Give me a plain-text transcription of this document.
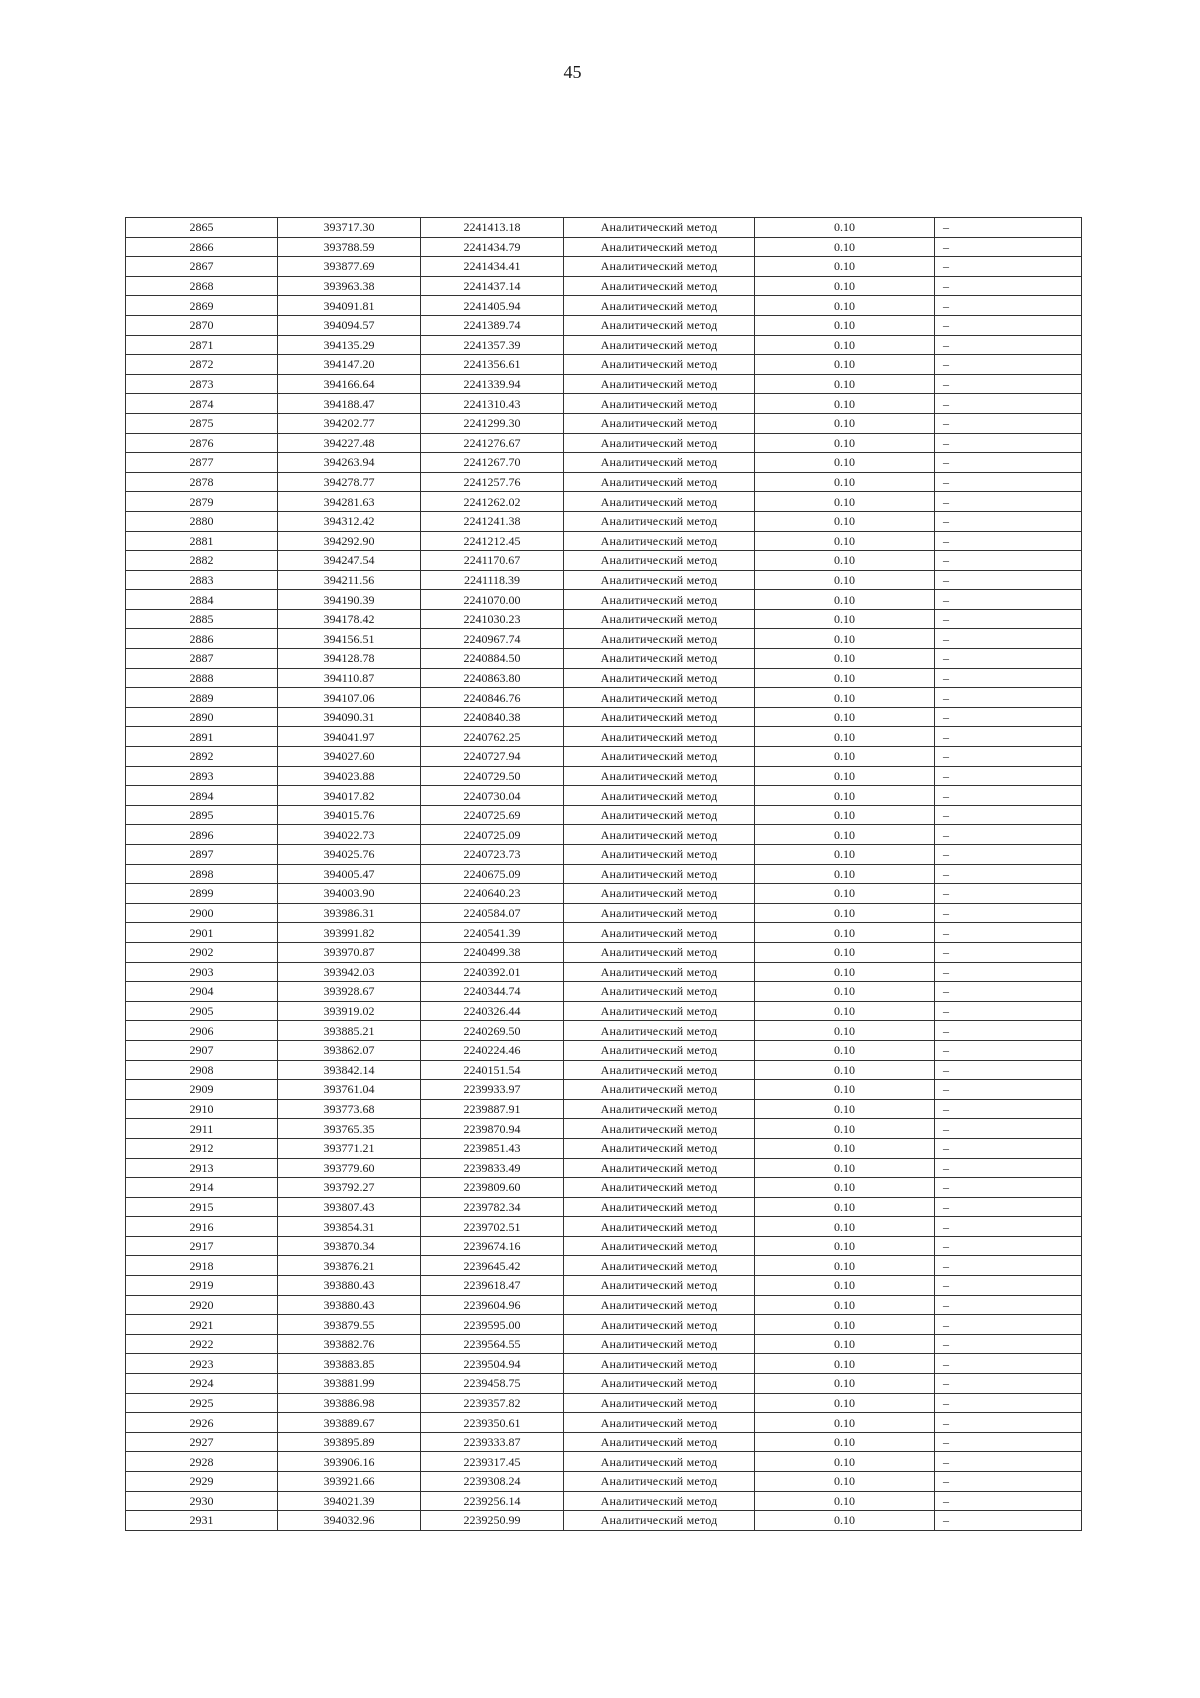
45
2865	393717.30	2241413.18	Аналитический метод	0.10	–
2866	393788.59	2241434.79	Аналитический метод	0.10	–
2867	393877.69	2241434.41	Аналитический метод	0.10	–
2868	393963.38	2241437.14	Аналитический метод	0.10	–
2869	394091.81	2241405.94	Аналитический метод	0.10	–
2870	394094.57	2241389.74	Аналитический метод	0.10	–
2871	394135.29	2241357.39	Аналитический метод	0.10	–
2872	394147.20	2241356.61	Аналитический метод	0.10	–
2873	394166.64	2241339.94	Аналитический метод	0.10	–
2874	394188.47	2241310.43	Аналитический метод	0.10	–
2875	394202.77	2241299.30	Аналитический метод	0.10	–
2876	394227.48	2241276.67	Аналитический метод	0.10	–
2877	394263.94	2241267.70	Аналитический метод	0.10	–
2878	394278.77	2241257.76	Аналитический метод	0.10	–
2879	394281.63	2241262.02	Аналитический метод	0.10	–
2880	394312.42	2241241.38	Аналитический метод	0.10	–
2881	394292.90	2241212.45	Аналитический метод	0.10	–
2882	394247.54	2241170.67	Аналитический метод	0.10	–
2883	394211.56	2241118.39	Аналитический метод	0.10	–
2884	394190.39	2241070.00	Аналитический метод	0.10	–
2885	394178.42	2241030.23	Аналитический метод	0.10	–
2886	394156.51	2240967.74	Аналитический метод	0.10	–
2887	394128.78	2240884.50	Аналитический метод	0.10	–
2888	394110.87	2240863.80	Аналитический метод	0.10	–
2889	394107.06	2240846.76	Аналитический метод	0.10	–
2890	394090.31	2240840.38	Аналитический метод	0.10	–
2891	394041.97	2240762.25	Аналитический метод	0.10	–
2892	394027.60	2240727.94	Аналитический метод	0.10	–
2893	394023.88	2240729.50	Аналитический метод	0.10	–
2894	394017.82	2240730.04	Аналитический метод	0.10	–
2895	394015.76	2240725.69	Аналитический метод	0.10	–
2896	394022.73	2240725.09	Аналитический метод	0.10	–
2897	394025.76	2240723.73	Аналитический метод	0.10	–
2898	394005.47	2240675.09	Аналитический метод	0.10	–
2899	394003.90	2240640.23	Аналитический метод	0.10	–
2900	393986.31	2240584.07	Аналитический метод	0.10	–
2901	393991.82	2240541.39	Аналитический метод	0.10	–
2902	393970.87	2240499.38	Аналитический метод	0.10	–
2903	393942.03	2240392.01	Аналитический метод	0.10	–
2904	393928.67	2240344.74	Аналитический метод	0.10	–
2905	393919.02	2240326.44	Аналитический метод	0.10	–
2906	393885.21	2240269.50	Аналитический метод	0.10	–
2907	393862.07	2240224.46	Аналитический метод	0.10	–
2908	393842.14	2240151.54	Аналитический метод	0.10	–
2909	393761.04	2239933.97	Аналитический метод	0.10	–
2910	393773.68	2239887.91	Аналитический метод	0.10	–
2911	393765.35	2239870.94	Аналитический метод	0.10	–
2912	393771.21	2239851.43	Аналитический метод	0.10	–
2913	393779.60	2239833.49	Аналитический метод	0.10	–
2914	393792.27	2239809.60	Аналитический метод	0.10	–
2915	393807.43	2239782.34	Аналитический метод	0.10	–
2916	393854.31	2239702.51	Аналитический метод	0.10	–
2917	393870.34	2239674.16	Аналитический метод	0.10	–
2918	393876.21	2239645.42	Аналитический метод	0.10	–
2919	393880.43	2239618.47	Аналитический метод	0.10	–
2920	393880.43	2239604.96	Аналитический метод	0.10	–
2921	393879.55	2239595.00	Аналитический метод	0.10	–
2922	393882.76	2239564.55	Аналитический метод	0.10	–
2923	393883.85	2239504.94	Аналитический метод	0.10	–
2924	393881.99	2239458.75	Аналитический метод	0.10	–
2925	393886.98	2239357.82	Аналитический метод	0.10	–
2926	393889.67	2239350.61	Аналитический метод	0.10	–
2927	393895.89	2239333.87	Аналитический метод	0.10	–
2928	393906.16	2239317.45	Аналитический метод	0.10	–
2929	393921.66	2239308.24	Аналитический метод	0.10	–
2930	394021.39	2239256.14	Аналитический метод	0.10	–
2931	394032.96	2239250.99	Аналитический метод	0.10	–
